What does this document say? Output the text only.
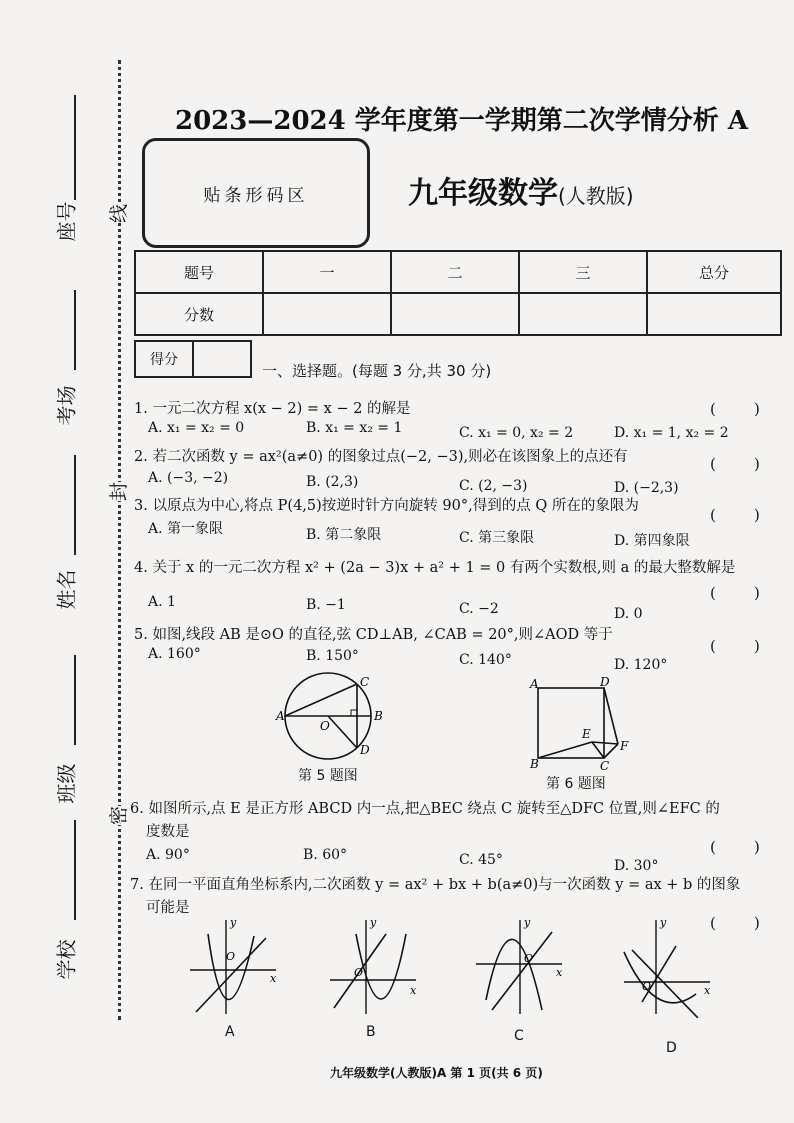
座号
考场
姓名
班级
学校
线
封
密
2023—2024 学年度第一学期第二次学情分析 A
贴条形码区	九年级数学(人教版)
题号	一	二	三	总分
分数				
得分
一、选择题。(每题 3 分,共 30 分)
1. 一元二次方程 x(x − 2) = x − 2 的解是	(        )
A. x₁ = x₂ = 0	B. x₁ = x₂ = 1	C. x₁ = 0, x₂ = 2	D. x₁ = 1, x₂ = 2
2. 若二次函数 y = ax²(a≠0) 的图象过点(−2, −3),则必在该图象上的点还有	(        )
A. (−3, −2)	B. (2,3)	C. (2, −3)	D. (−2,3)
3. 以原点为中心,将点 P(4,5)按逆时针方向旋转 90°,得到的点 Q 所在的象限为	(        )
A. 第一象限	B. 第二象限	C. 第三象限	D. 第四象限
4. 关于 x 的一元二次方程 x² + (2a − 3)x + a² + 1 = 0 有两个实数根,则 a 的最大整数解是
(        )
A. 1	B. −1	C. −2	D. 0
5. 如图,线段 AB 是⊙O 的直径,弦 CD⊥AB, ∠CAB = 20°,则∠AOD 等于
(        )
A. 160°	B. 150°	C. 140°	D. 120°
A
O
B
C
D
第 5 题图
A	D
B	C
E
F
第 6 题图
6. 如图所示,点 E 是正方形 ABCD 内一点,把△BEC 绕点 C 旋转至△DFC 位置,则∠EFC 的
度数是
(        )
A. 90°	B. 60°	C. 45°	D. 30°
7. 在同一平面直角坐标系内,二次函数 y = ax² + bx + b(a≠0)与一次函数 y = ax + b 的图象
可能是
(        )
y
x
O
y
x
O
y
x
O
y
x
O
A	B	C
D
九年级数学(人教版)A 第 1 页(共 6 页)
